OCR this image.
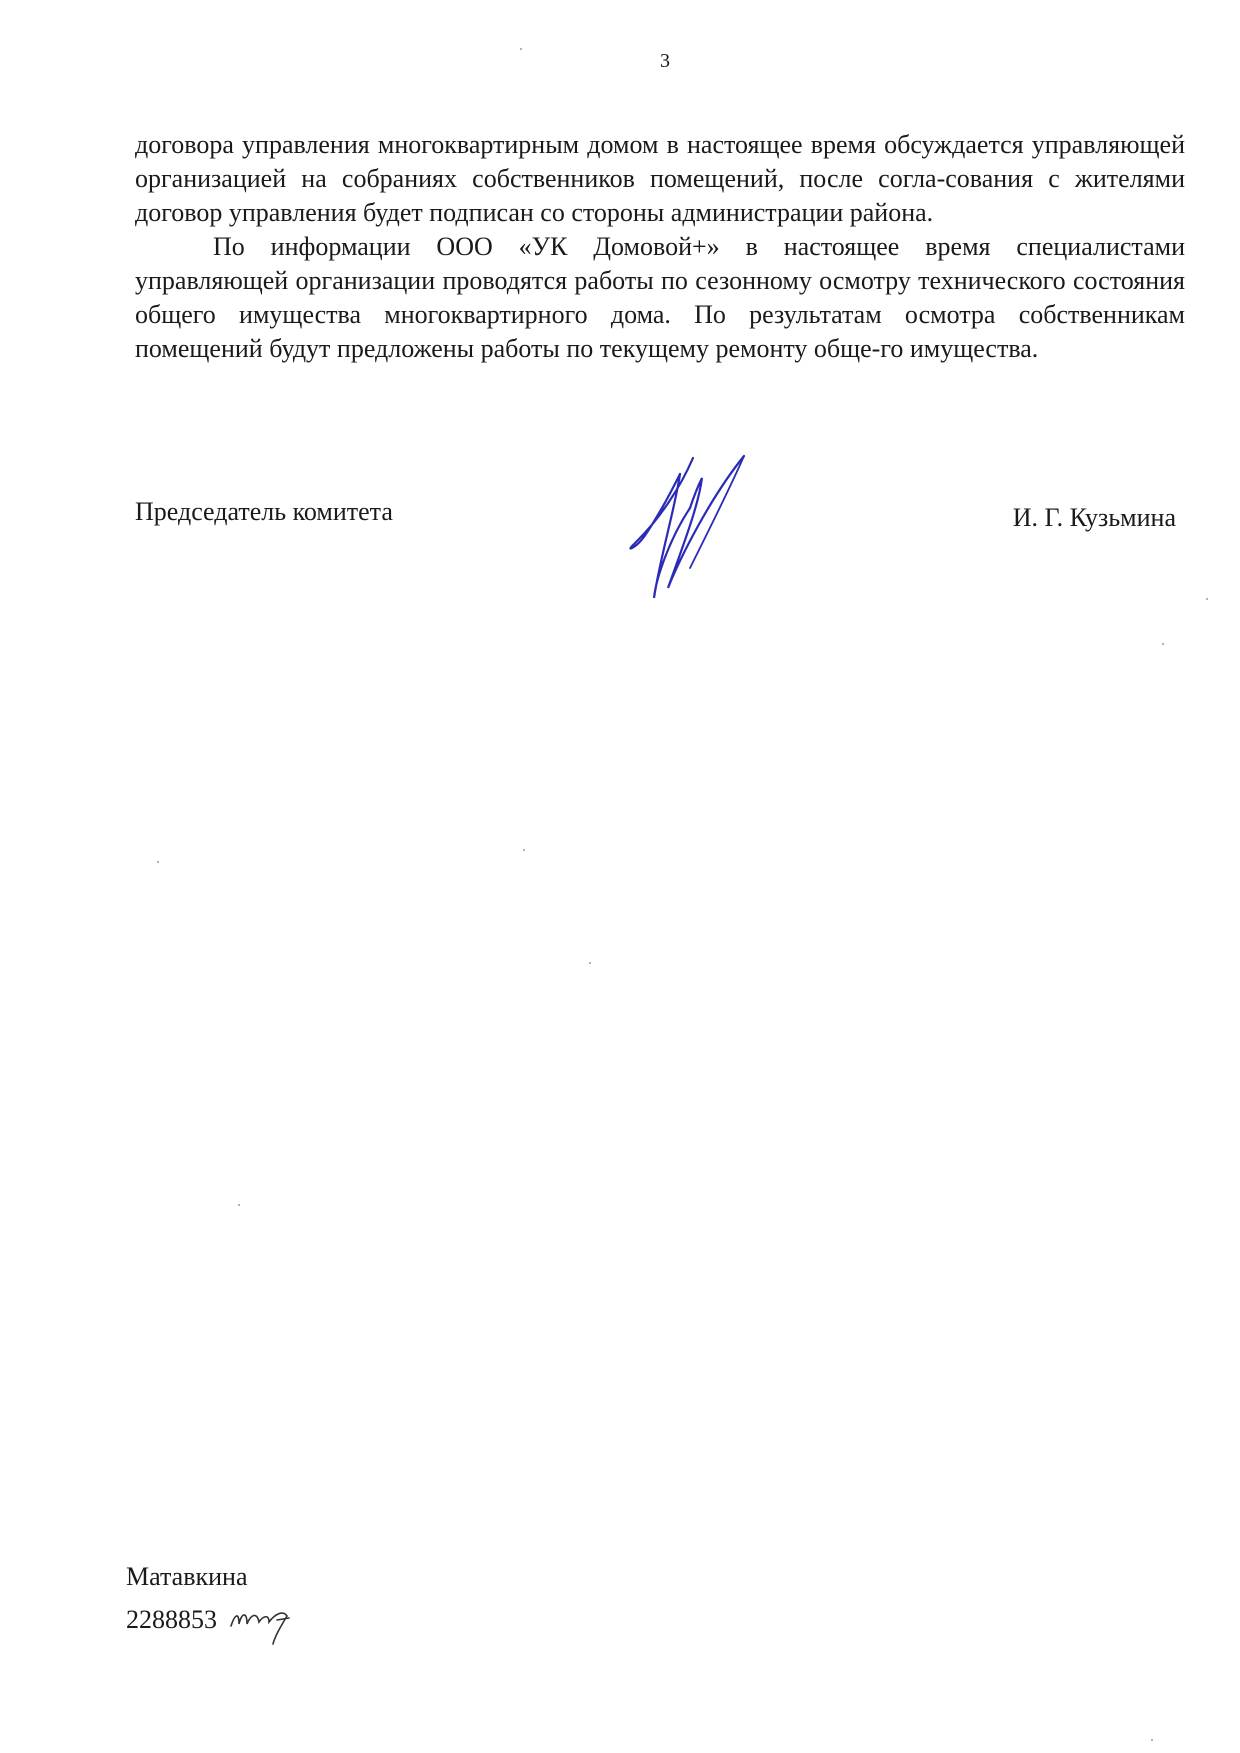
3

договора управления многоквартирным домом в настоящее время обсуждается управляющей организацией на собраниях собственников помещений, после согла-сования с жителями договор управления будет подписан со стороны администрации района.

По информации ООО «УК Домовой+» в настоящее время специалистами управляющей организации проводятся работы по сезонному осмотру технического состояния общего имущества многоквартирного дома. По результатам осмотра собственникам помещений будут предложены работы по текущему ремонту обще-го имущества.

Председатель комитета	И. Г. Кузьмина
Матавкина
2288853
